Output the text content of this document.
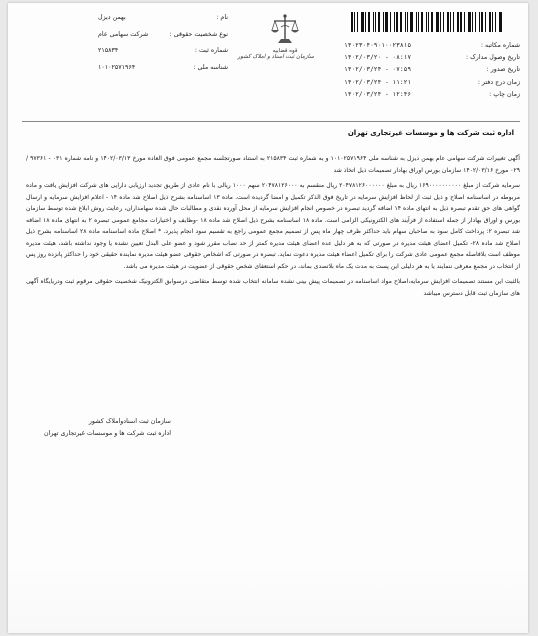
نام :
بهمن دیزل
نوع شخصیت حقوقی :
شرکت سهامی عام
شماره ثبت :
۲۱۵۸۳۴
شناسه ملی :
۱۰۱۰۲۵۷۱۹۶۴
قوه قضاییه
سازمان ثبت اسناد و املاک کشور
شماره مکاتبه :
۱۴۰۲۳۰۴۰۹۰۱۰۰۲۳۸۱۵
تاریخ وصول مدارک :
۱۴۰۲/۰۳/۲۰ - ۰۸:۱۷
تاریخ صدور :
۱۴۰۲/۰۳/۲۴ - ۰۷:۵۹
زمان درج دفتر :
۱۴۰۲/۰۳/۲۴ - ۱۱:۲۱
زمان چاپ :
۱۴۰۲/۰۳/۲۴ - ۱۲:۴۶
اداره ثبت شرکت ها و موسسات غیرتجاری تهران

آگهی تغییرات شرکت سهامی عام بهمن دیزل به شناسه ملی ۱۰۱۰۲۵۷۱۹۶۴ و به شماره ثبت ۲۱۵۸۳۴ به استناد صورتجلسه مجمع عمومی فوق العاده مورخ ۱۴۰۲/۰۳/۱۳ و نامه شماره ۰۳۱ - ۹۷۳۶۱ / ۰۲۹ مورخ ۱۴۰۲/۰۳/۱۶ سازمان بورس اوراق بهادار تصمیمات ذیل اتخاذ شد

سرمایه شرکت از مبلغ ۱۶۹۰۰۰۰۰۰۰۰۰۰ ریال به مبلغ ۲۰۴۷۸۱۲۶۰۰۰۰۰۰ ریال منقسم به ۲۰۴۷۸۱۲۶۰۰۰ سهم ۱۰۰۰ ریالی با نام عادی از طریق تجدید ارزیابی دارایی های شرکت افزایش یافت و ماده مربوطه در اساسنامه اصلاح و ذیل ثبت از لحاظ افزایش سرمایه در تاریخ فوق الذکر تکمیل و امضا گردیده است. ماده ۱۳ اساسنامه بشرح ذیل اصلاح شد ماده ۱۴ - اعلام افزایش سرمایه و ارسال گواهی های حق تقدم تبصره ذیل به انتهای ماده ۱۴ اضافه گردید تبصره در خصوص انجام افزایش سرمایه از محل آورده نقدی و مطالبات حال شده سهامداران، رعایت روش ابلاغ شده توسط سازمان بورس و اوراق بهادار از جمله استفاده از فرآیند های الکترونیکی الزامی است. ماده ۱۸ اساسنامه بشرح ذیل اصلاح شد ماده ۱۸ -وظایف و اختیارات مجامع عمومی تبصره ۲ به انتهای ماده ۱۸ اضافه شد تبصره ۲: پرداخت کامل سود به صاحبان سهام باید حداکثر ظرف چهار ماه پس از تصمیم مجمع عمومی راجع به تقسیم سود انجام پذیرد. * اصلاح ماده اساسنامه ماده ۲۸ اساسنامه بشرح ذیل اصلاح شد ماده ۲۸- تکمیل اعضای هیئت مدیره در صورتی که به هر دلیل عده اعضای هیئت مدیره کمتر از حد نصاب مقرر شود و عضو علی البدل تعیین نشده یا وجود نداشته باشد، هیئت مدیره موظف است بلافاصله مجمع عمومی عادی شرکت را برای تکمیل اعضاء هیئت مدیره دعوت نماید. تبصره در صورتی که اشخاص حقوقی عضو هیئت مدیره نماینده حقیقی خود را حداکثر پانزده روز پس از انتخاب در مجمع معرفی ننمایند یا به هر دلیلی این پست به مدت یک ماه بلاتصدی بماند، در حکم استعفای شخص حقوقی از عضویت در هیئت مدیره می باشد.

بالثبت این مستند تصمیمات افزایش سرمایه،اصلاح مواد اساسنامه در تصمیمات پیش بینی نشده سامانه انتخاب شده توسط متقاضی درسوابق الکترونیک شخصیت حقوقی مرقوم ثبت ودریایگاه آگهی های سازمان ثبت قابل دسترس میباشد

سازمان ثبت اسنادواملاک کشور
اداره ثبت شرکت ها و موسسات غیرتجاری تهران
